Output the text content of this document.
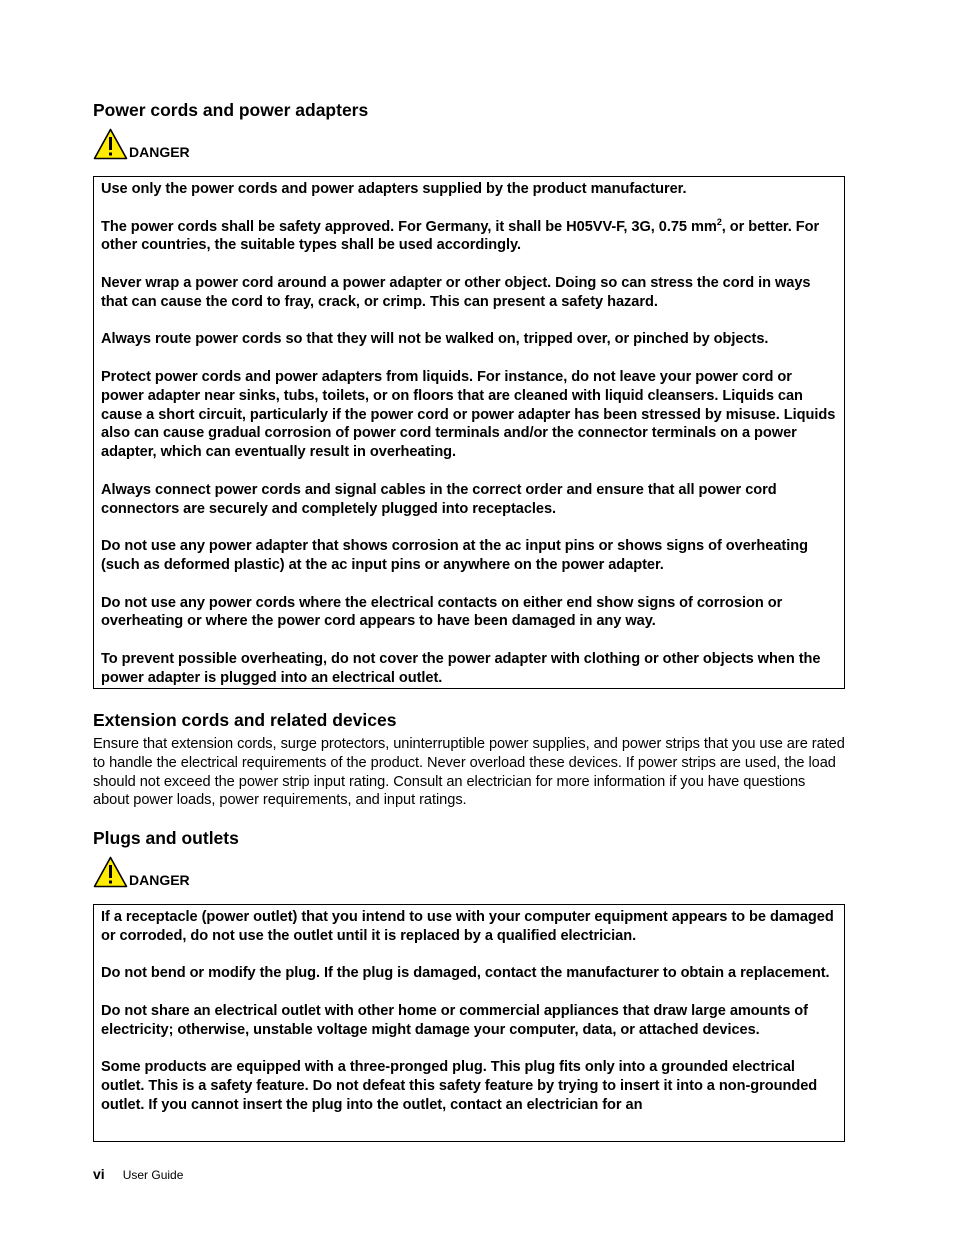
Power cords and power adapters
DANGER

Use only the power cords and power adapters supplied by the product manufacturer.

The power cords shall be safety approved. For Germany, it shall be H05VV-F, 3G, 0.75 $mm^2$, or better. For other countries, the suitable types shall be used accordingly.

Never wrap a power cord around a power adapter or other object. Doing so can stress the cord in ways that can cause the cord to fray, crack, or crimp. This can present a safety hazard.

Always route power cords so that they will not be walked on, tripped over, or pinched by objects.

Protect power cords and power adapters from liquids. For instance, do not leave your power cord or power adapter near sinks, tubs, toilets, or on floors that are cleaned with liquid cleansers. Liquids can cause a short circuit, particularly if the power cord or power adapter has been stressed by misuse. Liquids also can cause gradual corrosion of power cord terminals and/or the connector terminals on a power adapter, which can eventually result in overheating.

Always connect power cords and signal cables in the correct order and ensure that all power cord connectors are securely and completely plugged into receptacles.

Do not use any power adapter that shows corrosion at the ac input pins or shows signs of overheating (such as deformed plastic) at the ac input pins or anywhere on the power adapter.

Do not use any power cords where the electrical contacts on either end show signs of corrosion or overheating or where the power cord appears to have been damaged in any way.

To prevent possible overheating, do not cover the power adapter with clothing or other objects when the power adapter is plugged into an electrical outlet.

Extension cords and related devices

Ensure that extension cords, surge protectors, uninterruptible power supplies, and power strips that you use are rated to handle the electrical requirements of the product. Never overload these devices. If power strips are used, the load should not exceed the power strip input rating. Consult an electrician for more information if you have questions about power loads, power requirements, and input ratings.

Plugs and outlets
DANGER

If a receptacle (power outlet) that you intend to use with your computer equipment appears to be damaged or corroded, do not use the outlet until it is replaced by a qualified electrician.

Do not bend or modify the plug. If the plug is damaged, contact the manufacturer to obtain a replacement.

Do not share an electrical outlet with other home or commercial appliances that draw large amounts of electricity; otherwise, unstable voltage might damage your computer, data, or attached devices.

Some products are equipped with a three-pronged plug. This plug fits only into a grounded electrical outlet. This is a safety feature. Do not defeat this safety feature by trying to insert it into a non-grounded outlet. If you cannot insert the plug into the outlet, contact an electrician for an

vi User Guide
